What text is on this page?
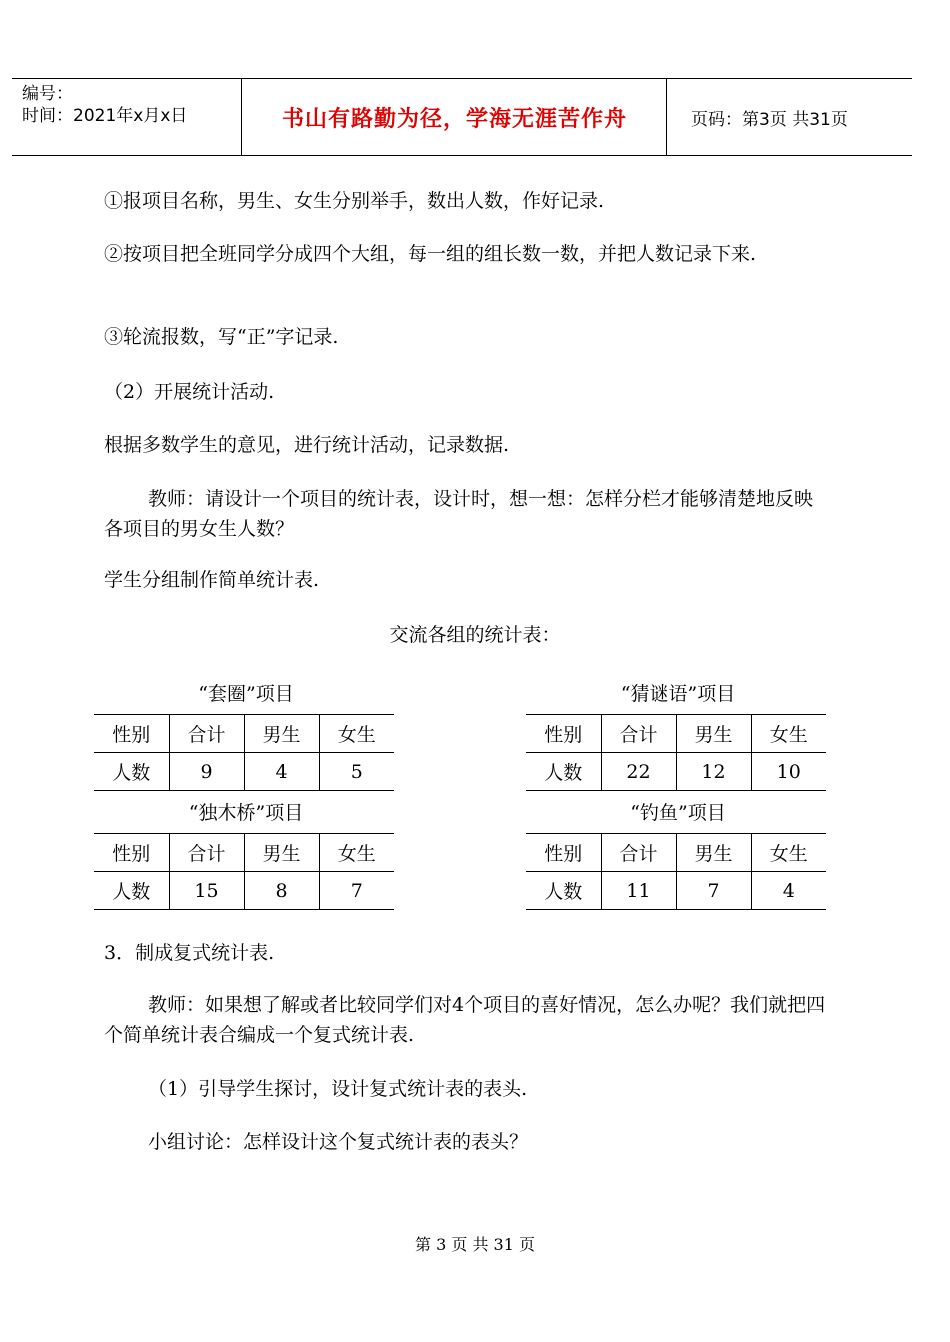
编号：
时间：2021年x月x日	书山有路勤为径，学海无涯苦作舟	页码：第3页 共31页

①报项目名称，男生、女生分别举手，数出人数，作好记录.

②按项目把全班同学分成四个大组，每一组的组长数一数，并把人数记录下来.

③轮流报数，写“正”字记录.

（2）开展统计活动.

根据多数学生的意见，进行统计活动，记录数据.

教师：请设计一个项目的统计表，设计时，想一想：怎样分栏才能够清楚地反映各项目的男女生人数？

学生分组制作简单统计表.

交流各组的统计表：

“套圈”项目
性别	合计	男生	女生
人数	9	4	5
“猜谜语”项目
性别	合计	男生	女生
人数	22	12	10
“独木桥”项目
性别	合计	男生	女生
人数	15	8	7
“钓鱼”项目
性别	合计	男生	女生
人数	11	7	4

3．制成复式统计表.

教师：如果想了解或者比较同学们对4个项目的喜好情况，怎么办呢？我们就把四个简单统计表合编成一个复式统计表.

（1）引导学生探讨，设计复式统计表的表头.

小组讨论：怎样设计这个复式统计表的表头？

第 3 页 共 31 页
